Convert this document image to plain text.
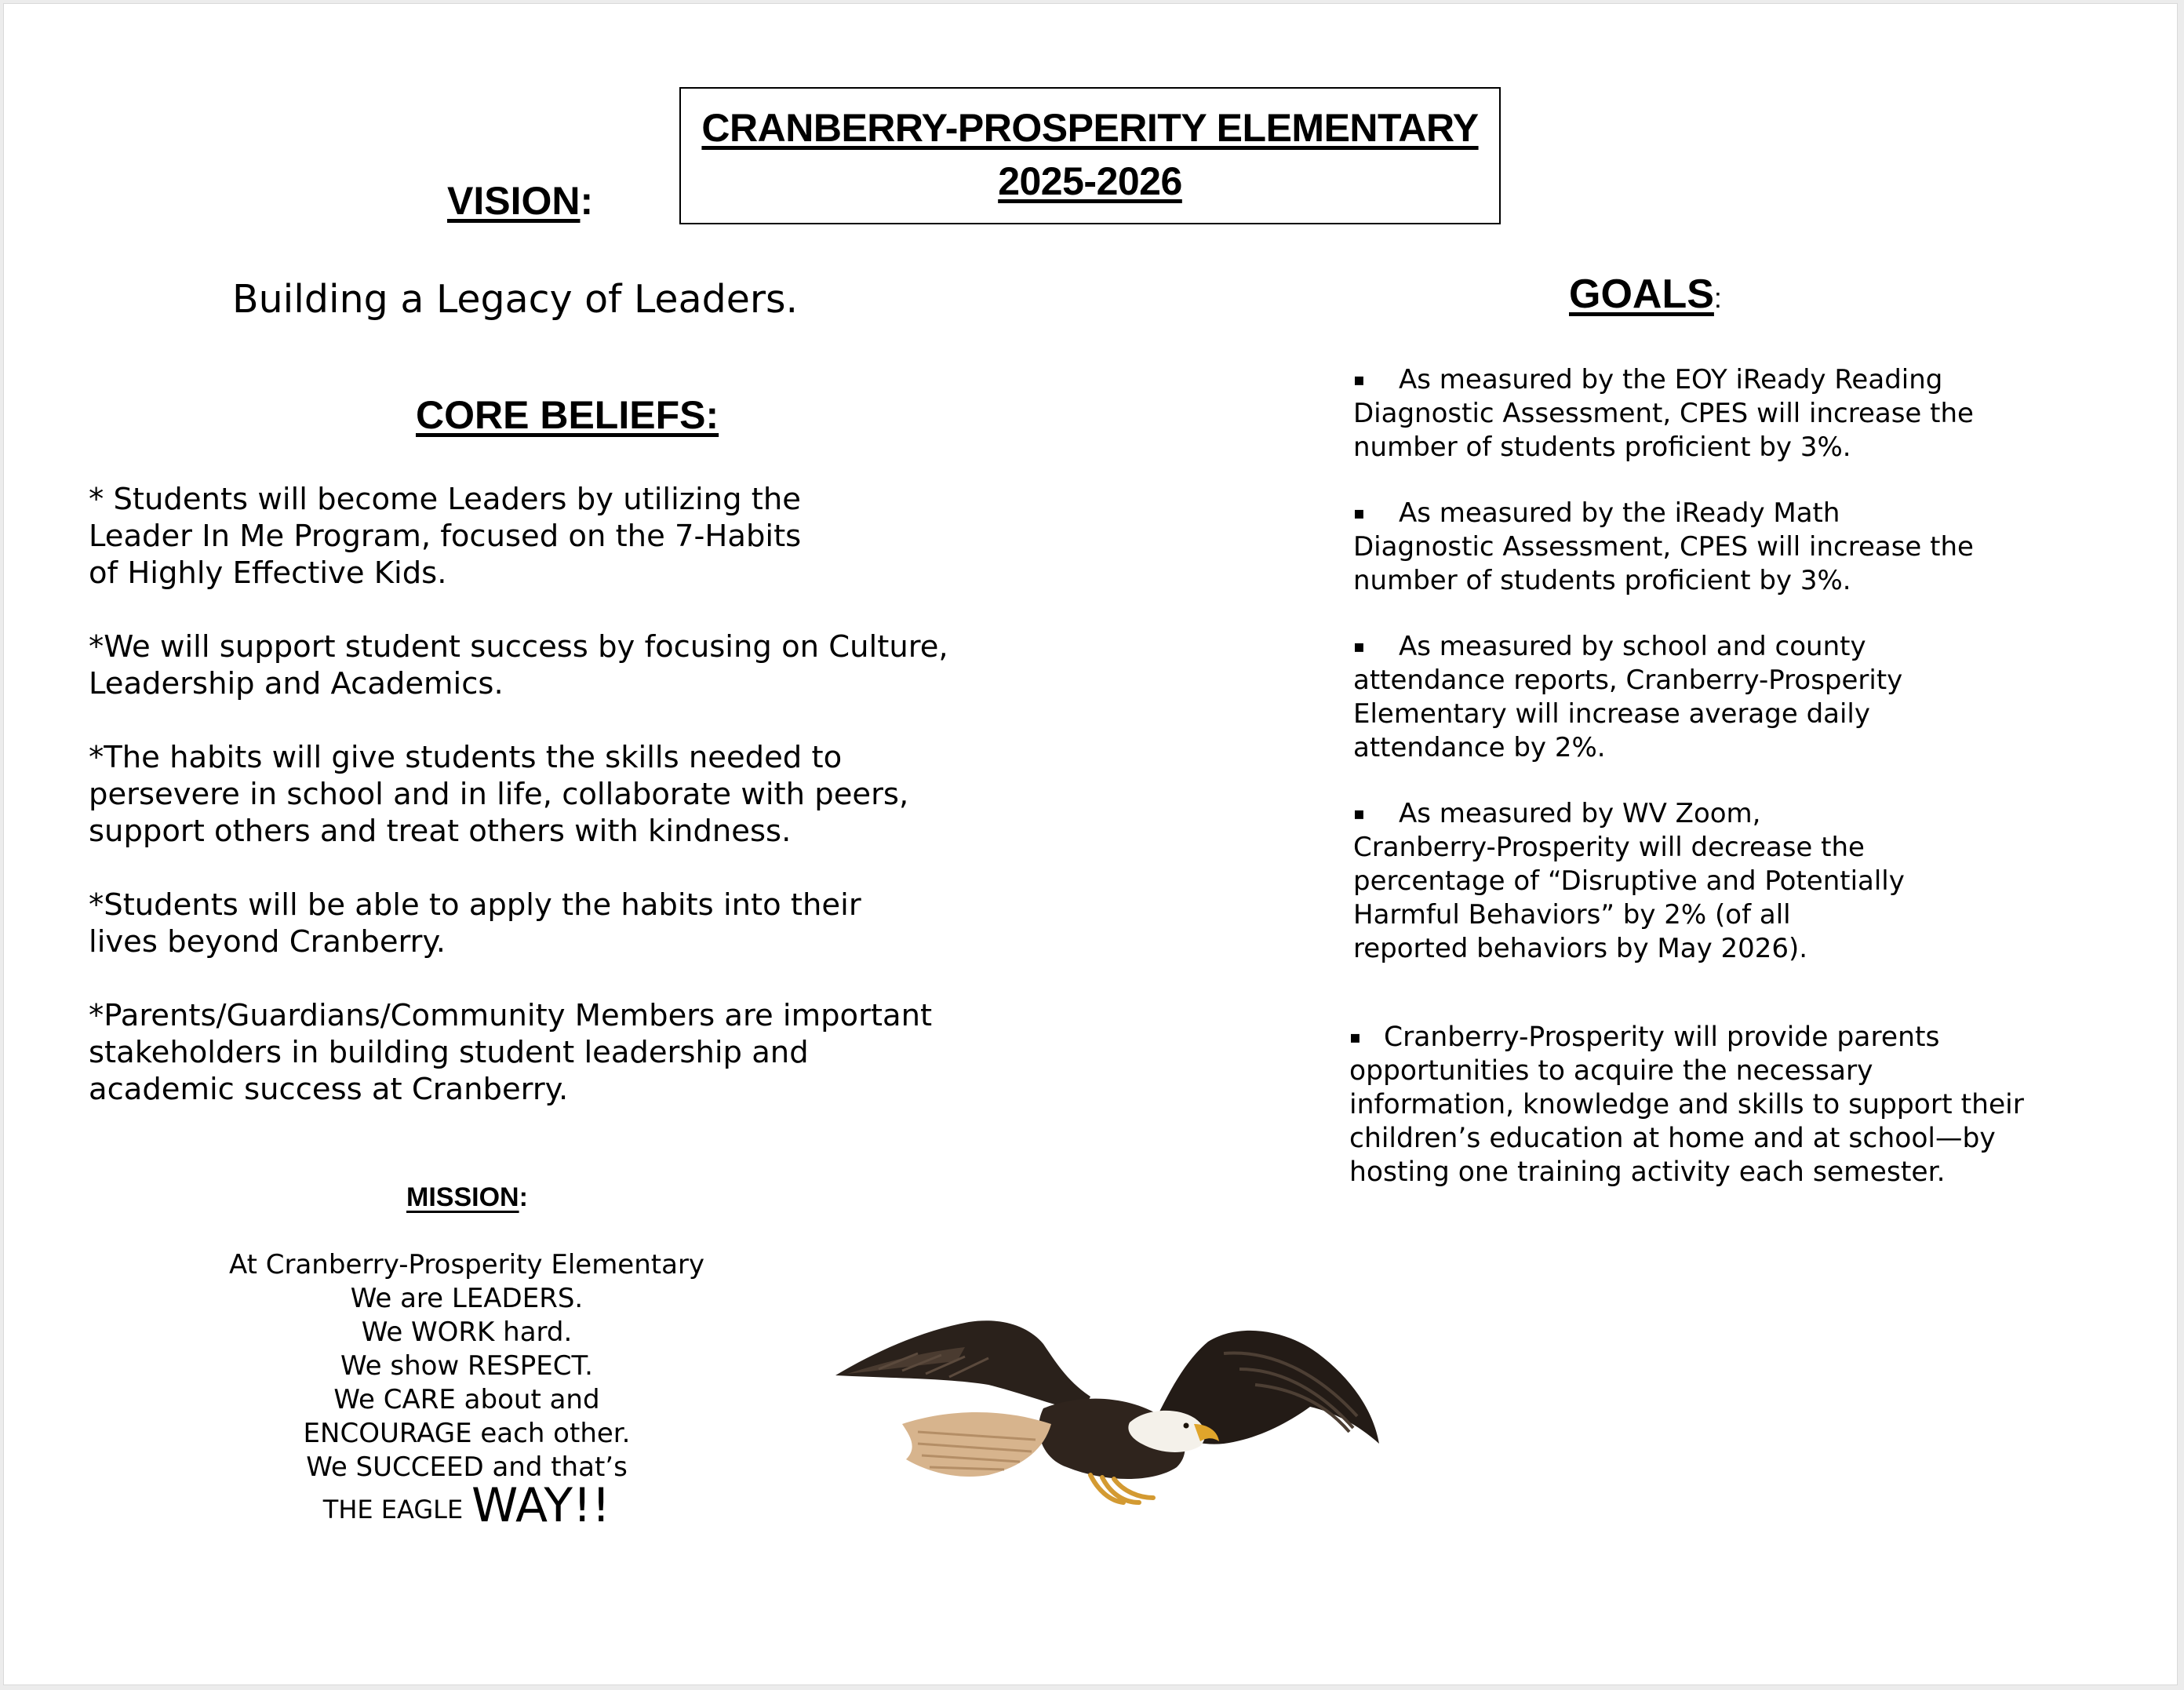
CRANBERRY-PROSPERITY ELEMENTARY
2025-2026
VISION:
Building a Legacy of Leaders.
CORE BELIEFS:

* Students will become Leaders by utilizing the
Leader In Me Program, focused on the 7-Habits
of Highly Effective Kids.

*We will support student success by focusing on Culture,
Leadership and Academics.

*The habits will give students the skills needed to
persevere in school and in life, collaborate with peers,
support others and treat others with kindness.

*Students will be able to apply the habits into their
lives beyond Cranberry.

*Parents/Guardians/Community Members are important
stakeholders in building student leadership and
academic success at Cranberry.

GOALS:
▪ As measured by the EOY iReady Reading
Diagnostic Assessment, CPES will increase the
number of students proficient by 3%.
▪ As measured by the iReady Math
Diagnostic Assessment, CPES will increase the
number of students proficient by 3%.
▪ As measured by school and county
attendance reports, Cranberry-Prosperity
Elementary will increase average daily
attendance by 2%.
▪ As measured by WV Zoom,
Cranberry-Prosperity will decrease the
percentage of “Disruptive and Potentially
Harmful Behaviors” by 2% (of all
reported behaviors by May 2026).
▪ Cranberry-Prosperity will provide parents
opportunities to acquire the necessary
information, knowledge and skills to support their
children’s education at home and at school—by
hosting one training activity each semester.
MISSION:
At Cranberry-Prosperity Elementary
We are LEADERS.
We WORK hard.
We show RESPECT.
We CARE about and
ENCOURAGE each other.
We SUCCEED and that’s
THE EAGLE WAY!!
